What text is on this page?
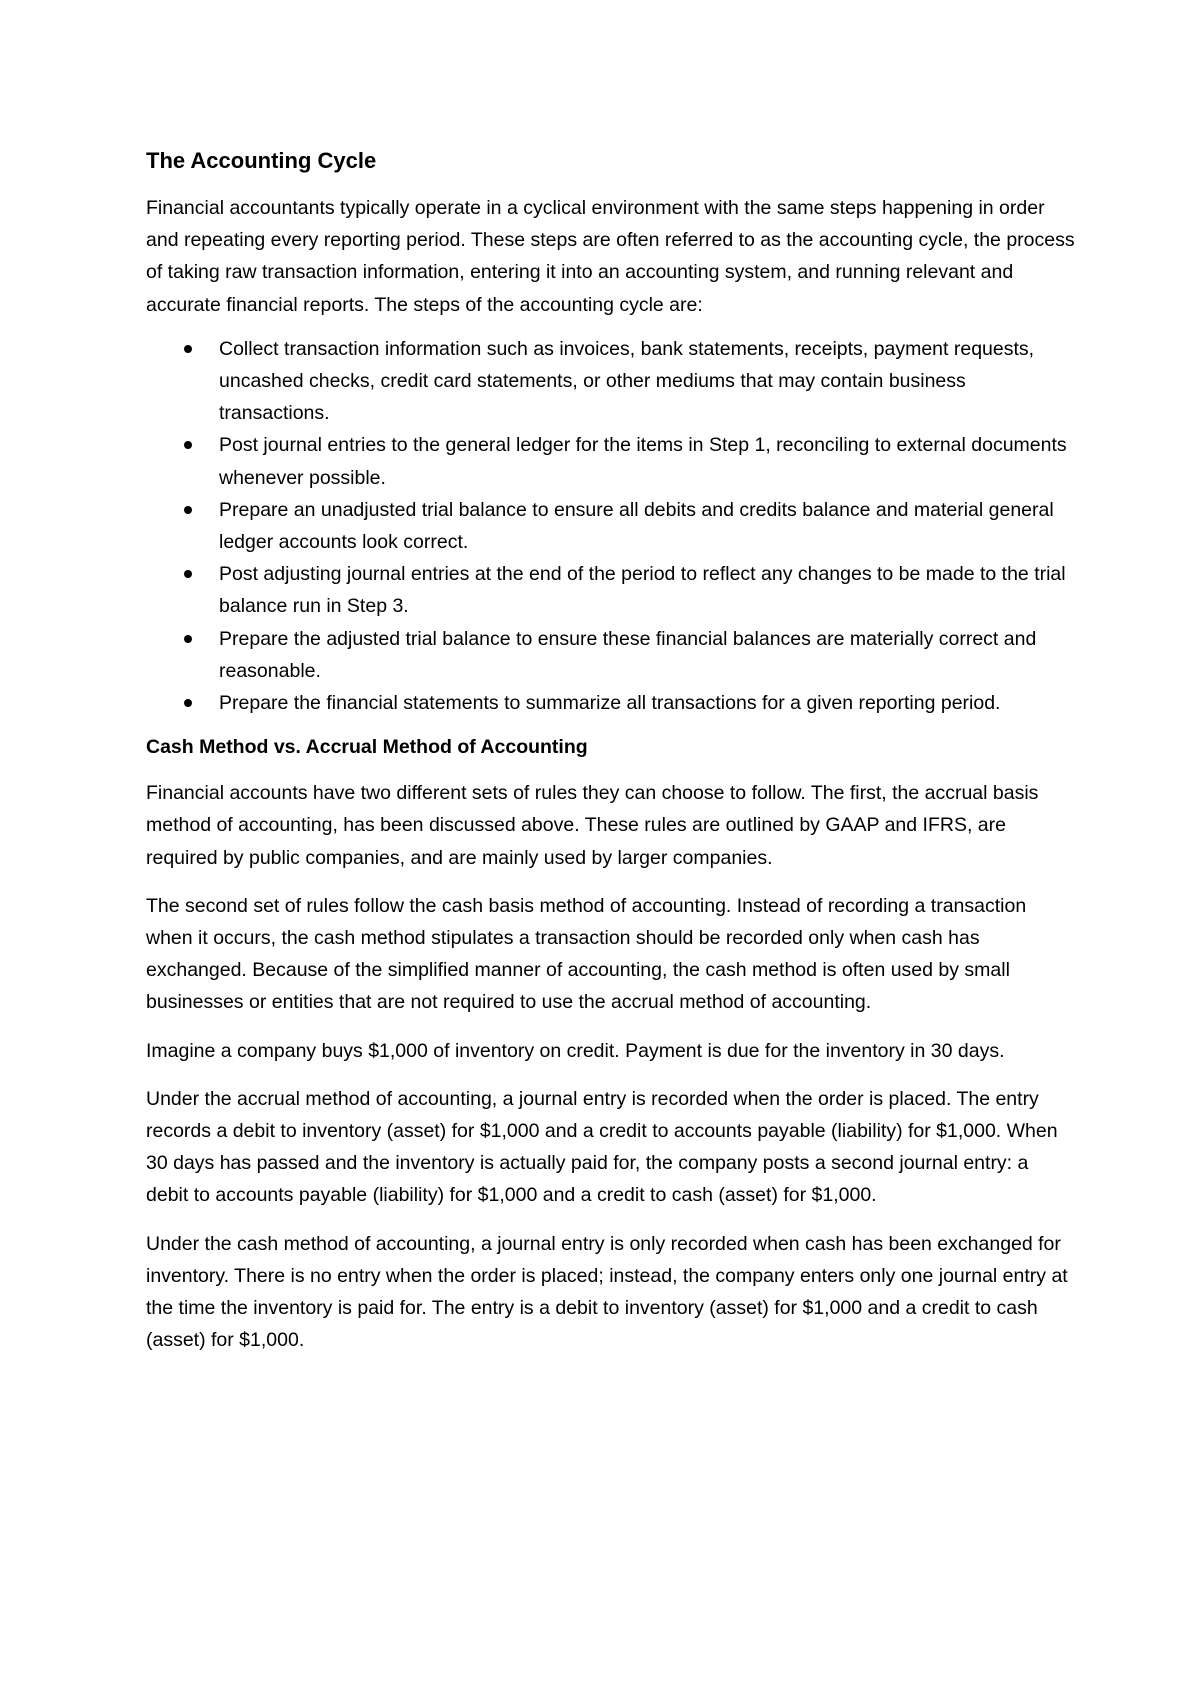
The Accounting Cycle

Financial accountants typically operate in a cyclical environment with the same steps happening in order and repeating every reporting period. These steps are often referred to as the accounting cycle, the process of taking raw transaction information, entering it into an accounting system, and running relevant and accurate financial reports. The steps of the accounting cycle are:

Collect transaction information such as invoices, bank statements, receipts, payment requests, uncashed checks, credit card statements, or other mediums that may contain business transactions.
Post journal entries to the general ledger for the items in Step 1, reconciling to external documents whenever possible.
Prepare an unadjusted trial balance to ensure all debits and credits balance and material general ledger accounts look correct.
Post adjusting journal entries at the end of the period to reflect any changes to be made to the trial balance run in Step 3.
Prepare the adjusted trial balance to ensure these financial balances are materially correct and reasonable.
Prepare the financial statements to summarize all transactions for a given reporting period.
Cash Method vs. Accrual Method of Accounting

Financial accounts have two different sets of rules they can choose to follow. The first, the accrual basis method of accounting, has been discussed above. These rules are outlined by GAAP and IFRS, are required by public companies, and are mainly used by larger companies.

The second set of rules follow the cash basis method of accounting. Instead of recording a transaction when it occurs, the cash method stipulates a transaction should be recorded only when cash has exchanged. Because of the simplified manner of accounting, the cash method is often used by small businesses or entities that are not required to use the accrual method of accounting.

Imagine a company buys $1,000 of inventory on credit. Payment is due for the inventory in 30 days.

Under the accrual method of accounting, a journal entry is recorded when the order is placed. The entry records a debit to inventory (asset) for $1,000 and a credit to accounts payable (liability) for $1,000. When 30 days has passed and the inventory is actually paid for, the company posts a second journal entry: a debit to accounts payable (liability) for $1,000 and a credit to cash (asset) for $1,000.

Under the cash method of accounting, a journal entry is only recorded when cash has been exchanged for inventory. There is no entry when the order is placed; instead, the company enters only one journal entry at the time the inventory is paid for. The entry is a debit to inventory (asset) for $1,000 and a credit to cash (asset) for $1,000.
